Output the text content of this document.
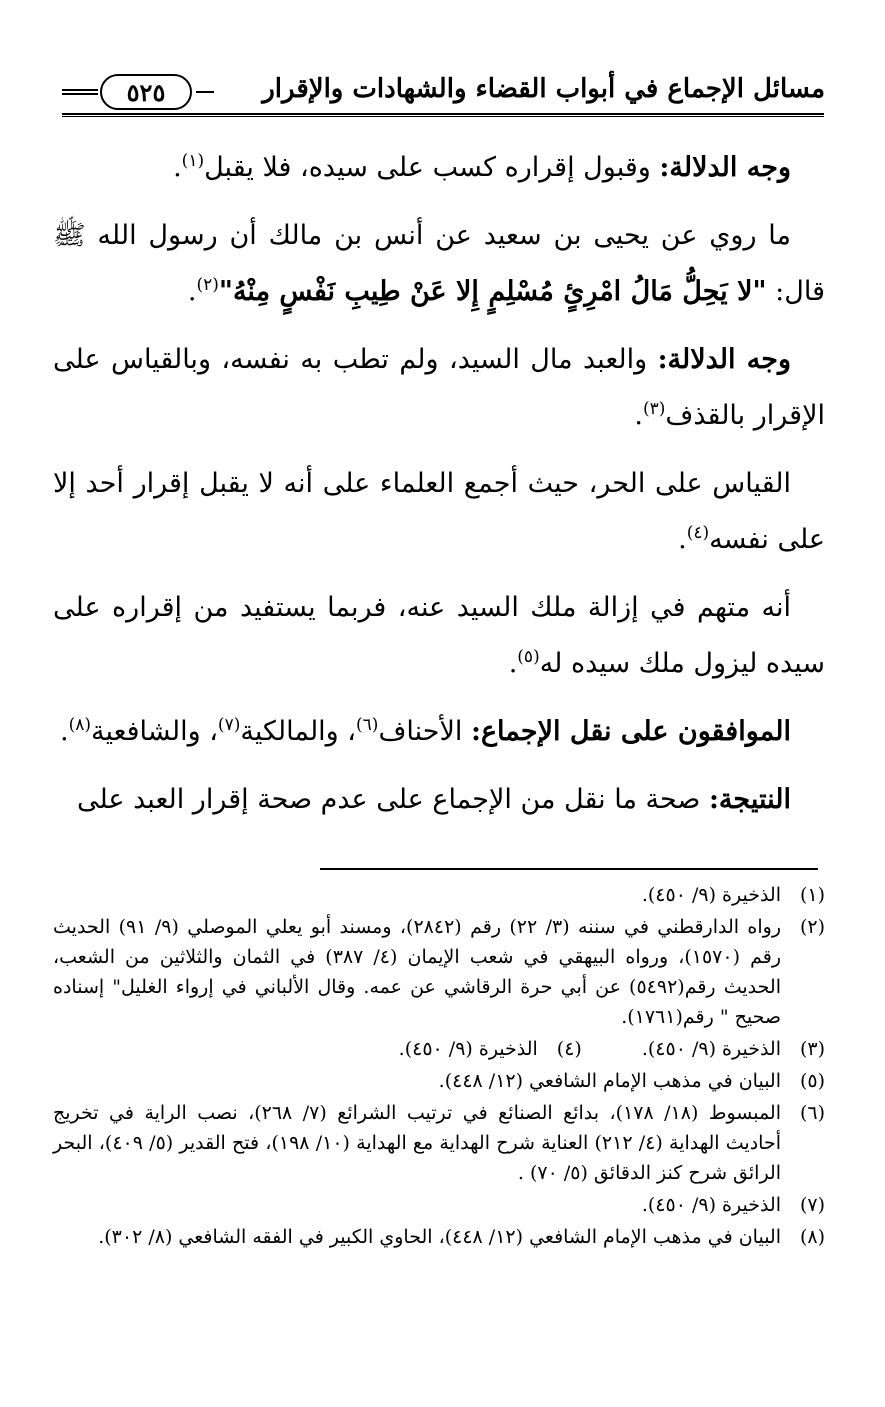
مسائل الإجماع في أبواب القضاء والشهادات والإقرار
٥٢٥

وجه الدلالة: وقبول إقراره كسب على سيده، فلا يقبل$^{(١)}$.

ما روي عن يحيى بن سعيد عن أنس بن مالك أن رسول الله ﷺ قال: "لا يَحِلُّ مَالُ امْرِئٍ مُسْلِمٍ إِلا عَنْ طِيبِ نَفْسٍ مِنْهُ"$^{(٢)}$.

وجه الدلالة: والعبد مال السيد، ولم تطب به نفسه، وبالقياس على الإقرار بالقذف$^{(٣)}$.

القياس على الحر، حيث أجمع العلماء على أنه لا يقبل إقرار أحد إلا على نفسه$^{(٤)}$.

أنه متهم في إزالة ملك السيد عنه، فربما يستفيد من إقراره على سيده ليزول ملك سيده له$^{(٥)}$.

الموافقون على نقل الإجماع: الأحناف$^{(٦)}$، والمالكية$^{(٧)}$، والشافعية$^{(٨)}$.

النتيجة: صحة ما نقل من الإجماع على عدم صحة إقرار العبد على

(١)
الذخيرة (٩/ ٤٥٠).
(٢)
رواه الدارقطني في سننه (٣/ ٢٢) رقم (٢٨٤٢)، ومسند أبو يعلي الموصلي (٩/ ٩١) الحديث رقم (١٥٧٠)، ورواه البيهقي في شعب الإيمان (٤/ ٣٨٧) في الثمان والثلاثين من الشعب، الحديث رقم(٥٤٩٢) عن أبي حرة الرقاشي عن عمه. وقال الألباني في إرواء الغليل" إسناده صحيح " رقم(١٧٦١).
(٣)
الذخيرة (٩/ ٤٥٠).
(٤)
الذخيرة (٩/ ٤٥٠).
(٥)
البيان في مذهب الإمام الشافعي (١٢/ ٤٤٨).
(٦)
المبسوط (١٨/ ١٧٨)، بدائع الصنائع في ترتيب الشرائع (٧/ ٢٦٨)، نصب الراية في تخريج أحاديث الهداية (٤/ ٢١٢) العناية شرح الهداية مع الهداية (١٠/ ١٩٨)، فتح القدير (٥/ ٤٠٩)، البحر الرائق شرح كنز الدقائق (٥/ ٧٠) .
(٧)
الذخيرة (٩/ ٤٥٠).
(٨)
البيان في مذهب الإمام الشافعي (١٢/ ٤٤٨)، الحاوي الكبير في الفقه الشافعي (٨/ ٣٠٢).
